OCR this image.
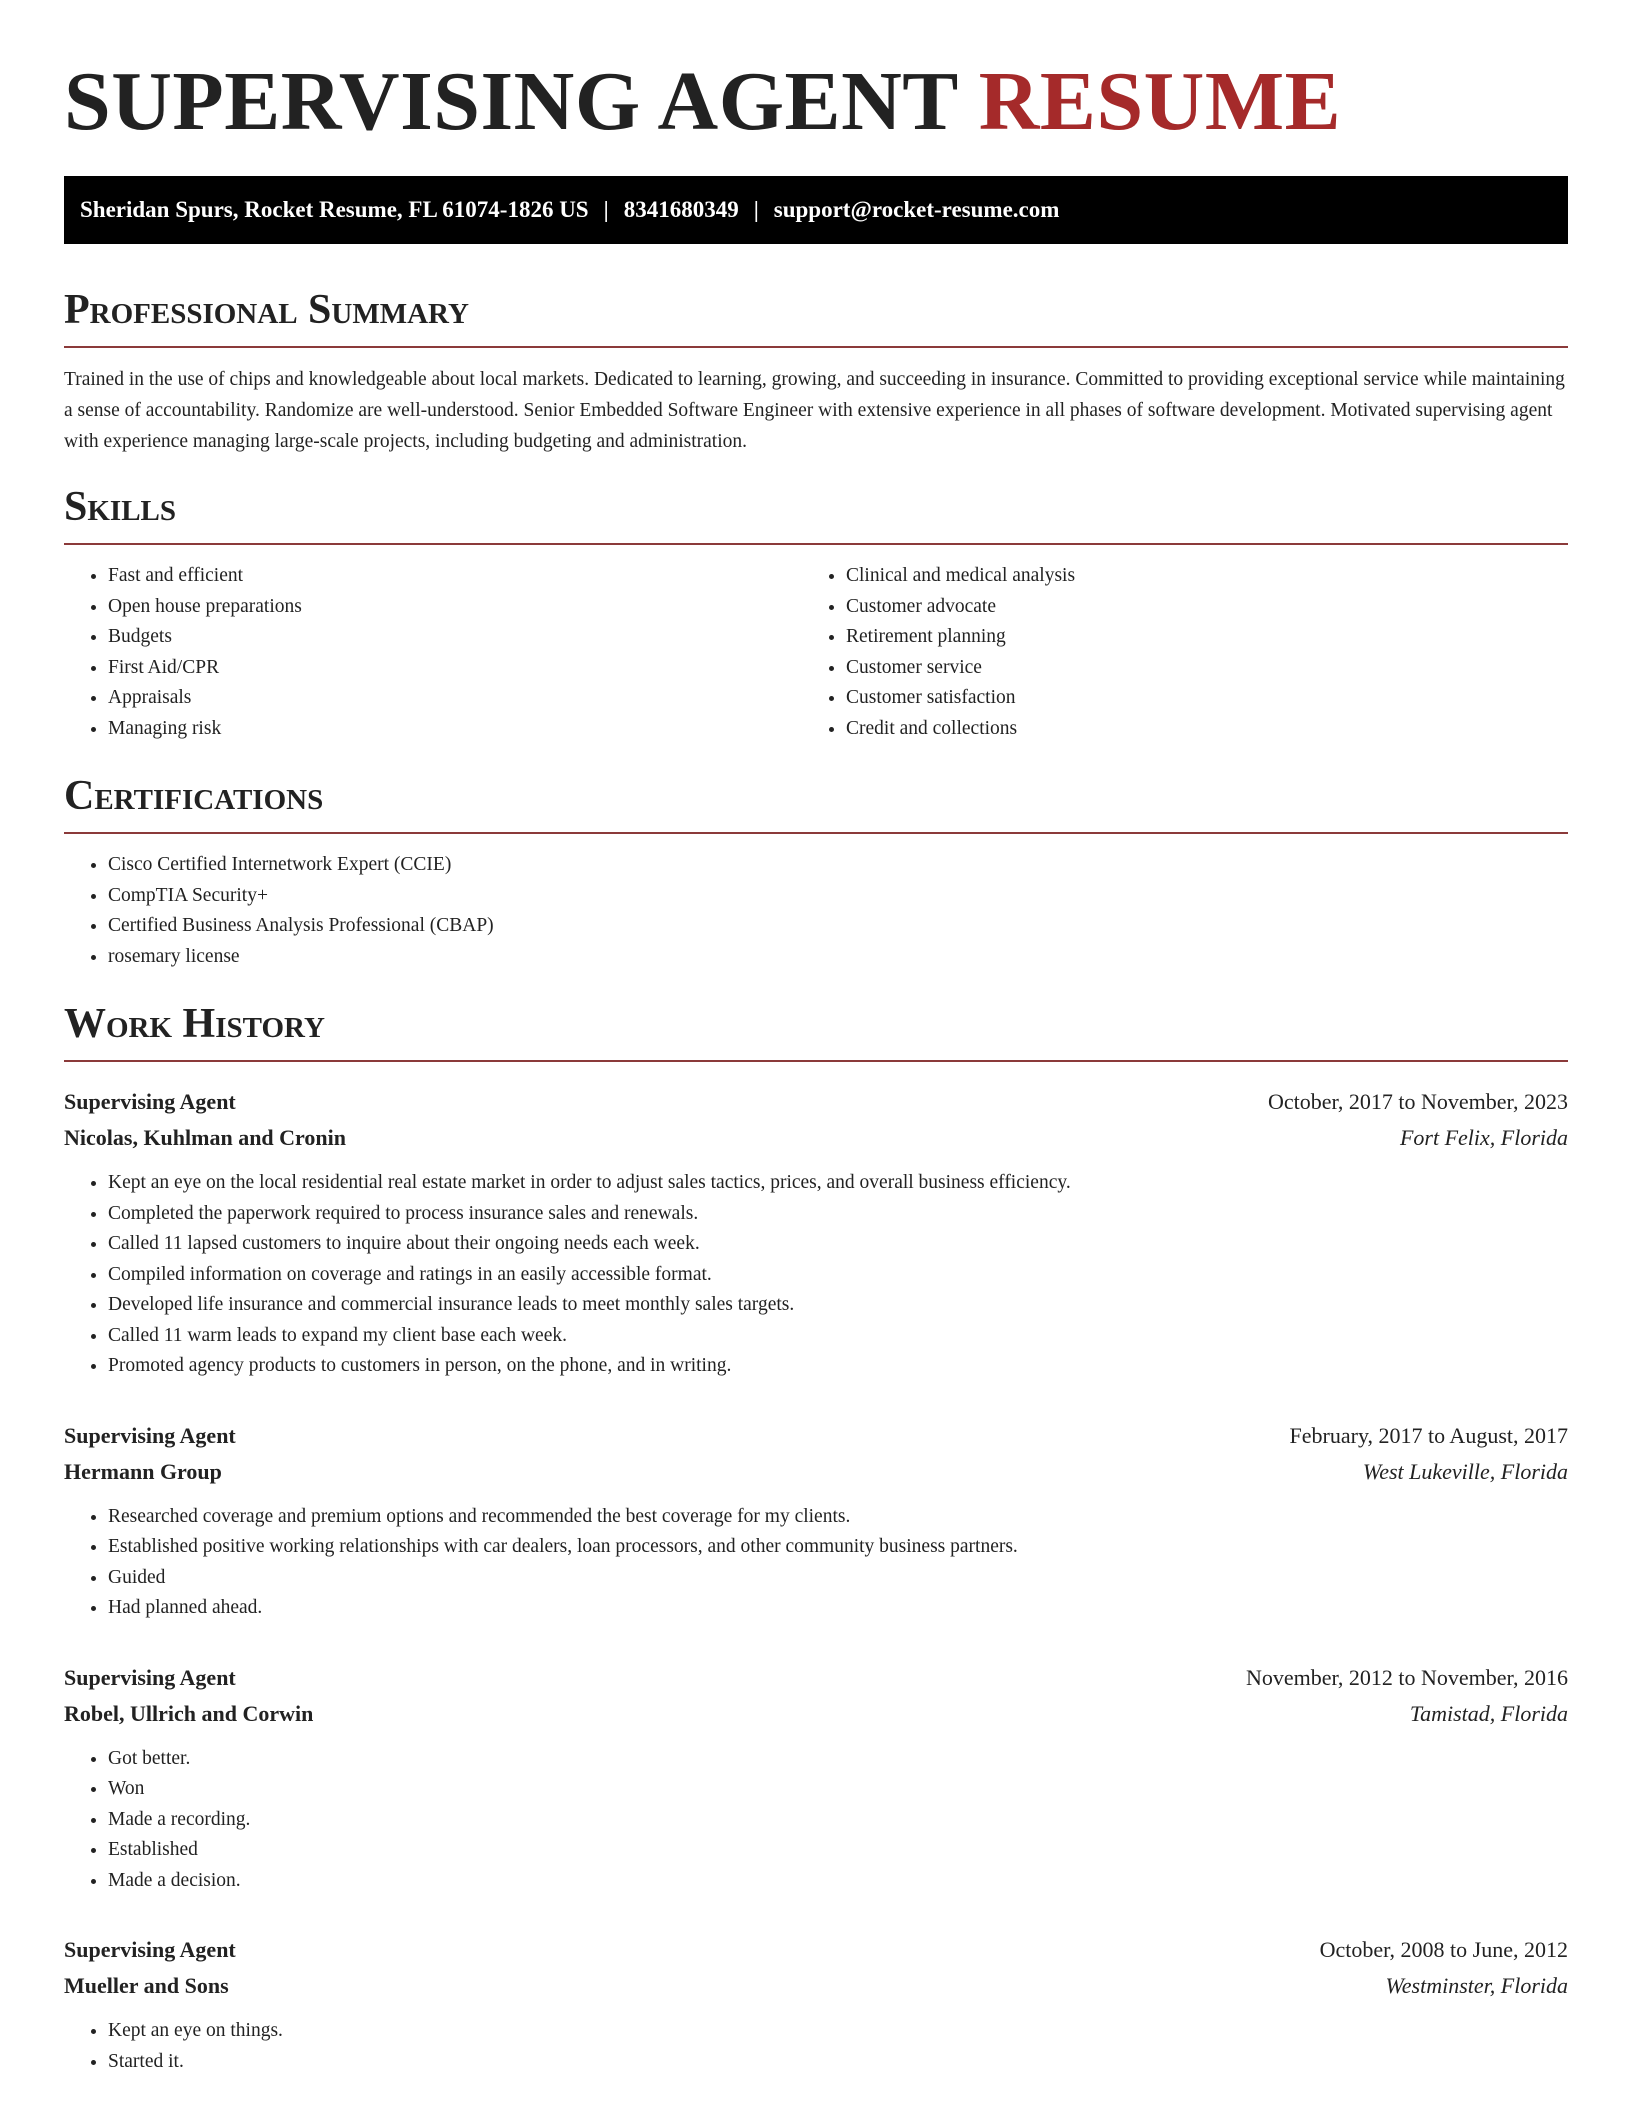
SUPERVISING AGENT RESUME
Sheridan Spurs, Rocket Resume, FL 61074-1826 US | 8341680349 | support@rocket-resume.com
Professional Summary

Trained in the use of chips and knowledgeable about local markets. Dedicated to learning, growing, and succeeding in insurance. Committed to providing exceptional service while maintaining a sense of accountability. Randomize are well-understood. Senior Embedded Software Engineer with extensive experience in all phases of software development. Motivated supervising agent with experience managing large-scale projects, including budgeting and administration.

Skills
• Fast and efficient
• Open house preparations
• Budgets
• First Aid/CPR
• Appraisals
• Managing risk
• Clinical and medical analysis
• Customer advocate
• Retirement planning
• Customer service
• Customer satisfaction
• Credit and collections
Certifications
• Cisco Certified Internetwork Expert (CCIE)
• CompTIA Security+
• Certified Business Analysis Professional (CBAP)
• rosemary license
Work History
Supervising Agent	October, 2017 to November, 2023
Nicolas, Kuhlman and Cronin	Fort Felix, Florida
• Kept an eye on the local residential real estate market in order to adjust sales tactics, prices, and overall business efficiency.
• Completed the paperwork required to process insurance sales and renewals.
• Called 11 lapsed customers to inquire about their ongoing needs each week.
• Compiled information on coverage and ratings in an easily accessible format.
• Developed life insurance and commercial insurance leads to meet monthly sales targets.
• Called 11 warm leads to expand my client base each week.
• Promoted agency products to customers in person, on the phone, and in writing.
Supervising Agent	February, 2017 to August, 2017
Hermann Group	West Lukeville, Florida
• Researched coverage and premium options and recommended the best coverage for my clients.
• Established positive working relationships with car dealers, loan processors, and other community business partners.
• Guided
• Had planned ahead.
Supervising Agent	November, 2012 to November, 2016
Robel, Ullrich and Corwin	Tamistad, Florida
• Got better.
• Won
• Made a recording.
• Established
• Made a decision.
Supervising Agent	October, 2008 to June, 2012
Mueller and Sons	Westminster, Florida
• Kept an eye on things.
• Started it.
